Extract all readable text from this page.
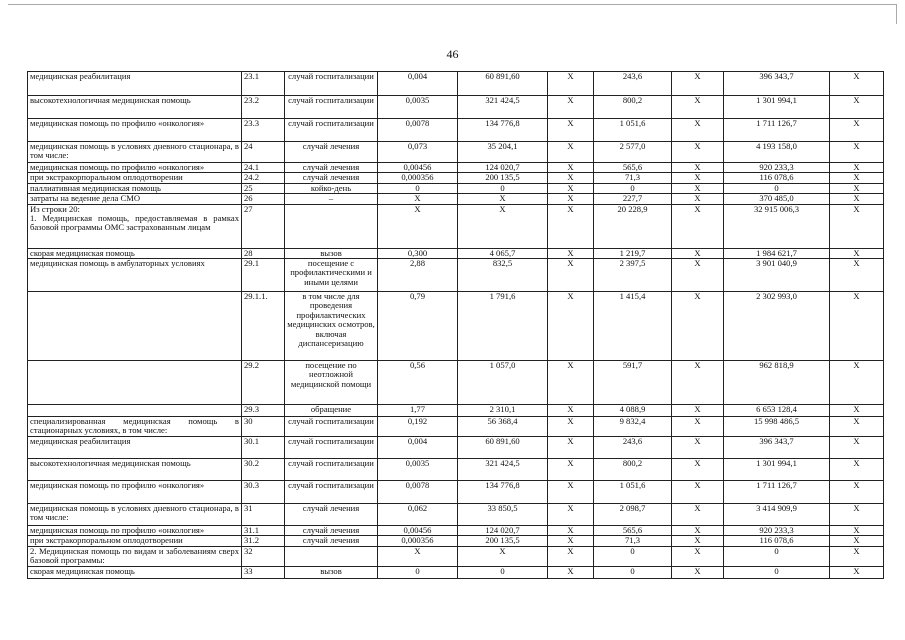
46
медицинская реабилитация	23.1	случай госпитализации	0,004	60 891,60	X	243,6	X	396 343,7	X
высокотехнологичная медицинская помощь	23.2	случай госпитализации	0,0035	321 424,5	X	800,2	X	1 301 994,1	X
медицинская помощь по профилю «онкология»	23.3	случай госпитализации	0,0078	134 776,8	X	1 051,6	X	1 711 126,7	X
медицинская помощь в условиях дневного стационара, в том числе:	24	случай лечения	0,073	35 204,1	X	2 577,0	X	4 193 158,0	X
медицинская помощь по профилю «онкология»	24.1	случай лечения	0,00456	124 020,7	X	565,6	X	920 233,3	X
при экстракорпоральном оплодотворении	24.2	случай лечения	0,000356	200 135,5	X	71,3	X	116 078,6	X
паллиативная медицинская помощь	25	койко-день	0	0	X	0	X	0	X
затраты на ведение дела СМО	26	–	X	X	X	227,7	X	370 485,0	X
Из строки 20:
1. Медицинская помощь, предоставляемая в рамках базовой программы ОМС застрахованным лицам	27		X	X	X	20 228,9	X	32 915 006,3	X
скорая медицинская помощь	28	вызов	0,300	4 065,7	X	1 219,7	X	1 984 621,7	X
медицинская помощь в амбулаторных условиях	29.1	посещение с профилактическими и иными целями	2,88	832,5	X	2 397,5	X	3 901 040,9	X
	29.1.1.	в том числе для проведения профилактических медицинских осмотров, включая диспансеризацию	0,79	1 791,6	X	1 415,4	X	2 302 993,0	X
	29.2	посещение по неотложной медицинской помощи	0,56	1 057,0	X	591,7	X	962 818,9	X
	29.3	обращение	1,77	2 310,1	X	4 088,9	X	6 653 128,4	X
специализированная медицинская помощь в стационарных условиях, в том числе:	30	случай госпитализации	0,192	56 368,4	X	9 832,4	X	15 998 486,5	X
медицинская реабилитация	30.1	случай госпитализации	0,004	60 891,60	X	243,6	X	396 343,7	X
высокотехнологичная медицинская помощь	30.2	случай госпитализации	0,0035	321 424,5	X	800,2	X	1 301 994,1	X
медицинская помощь по профилю «онкология»	30.3	случай госпитализации	0,0078	134 776,8	X	1 051,6	X	1 711 126,7	X
медицинская помощь в условиях дневного стационара, в том числе:	31	случай лечения	0,062	33 850,5	X	2 098,7	X	3 414 909,9	X
медицинская помощь по профилю «онкология»	31.1	случай лечения	0,00456	124 020,7	X	565,6	X	920 233,3	X
при экстракорпоральном оплодотворении	31.2	случай лечения	0,000356	200 135,5	X	71,3	X	116 078,6	X
2. Медицинская помощь по видам и заболеваниям сверх базовой программы:	32		X	X	X	0	X	0	X
скорая медицинская помощь	33	вызов	0	0	X	0	X	0	X
